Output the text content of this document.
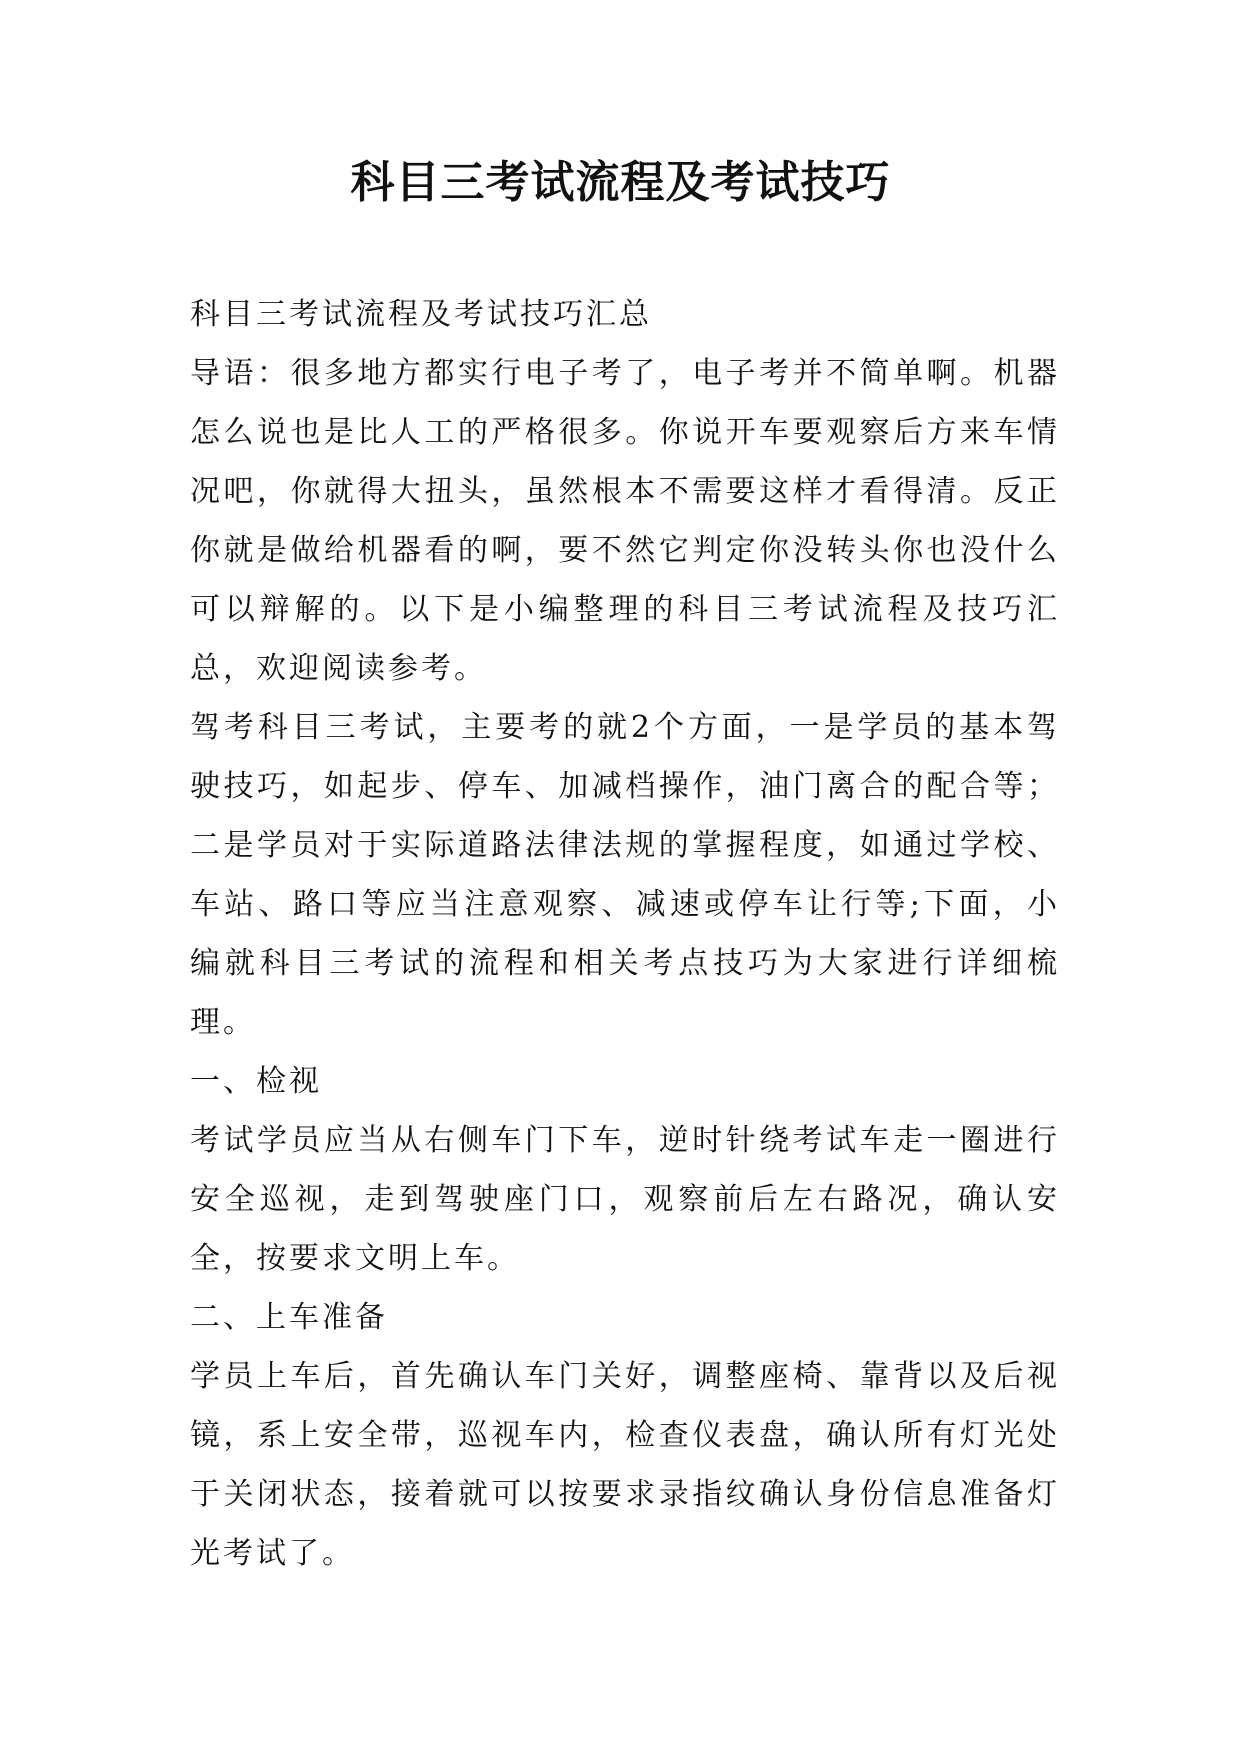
科目三考试流程及考试技巧

科目三考试流程及考试技巧汇总

导语：很多地方都实行电子考了，电子考并不简单啊。机器怎么说也是比人工的严格很多。你说开车要观察后方来车情况吧，你就得大扭头，虽然根本不需要这样才看得清。反正你就是做给机器看的啊，要不然它判定你没转头你也没什么可以辩解的。以下是小编整理的科目三考试流程及技巧汇总，欢迎阅读参考。

驾考科目三考试，主要考的就2个方面，一是学员的基本驾驶技巧，如起步、停车、加减档操作，油门离合的配合等；二是学员对于实际道路法律法规的掌握程度，如通过学校、车站、路口等应当注意观察、减速或停车让行等;下面，小编就科目三考试的流程和相关考点技巧为大家进行详细梳理。

一、检视

考试学员应当从右侧车门下车，逆时针绕考试车走一圈进行安全巡视，走到驾驶座门口，观察前后左右路况，确认安全，按要求文明上车。

二、上车准备

学员上车后，首先确认车门关好，调整座椅、靠背以及后视镜，系上安全带，巡视车内，检查仪表盘，确认所有灯光处于关闭状态，接着就可以按要求录指纹确认身份信息准备灯光考试了。
